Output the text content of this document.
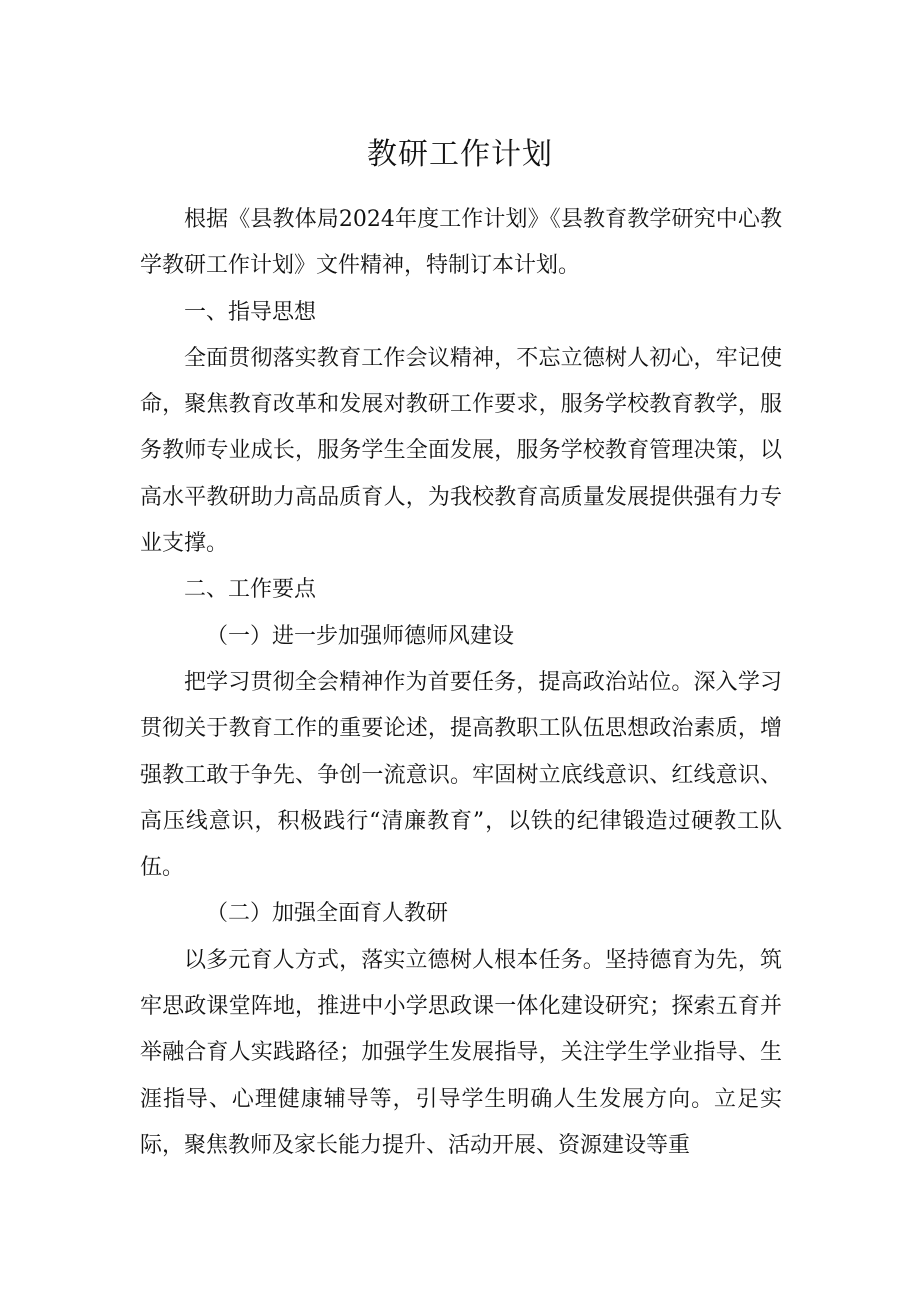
教研工作计划

根据《县教体局2024年度工作计划》《县教育教学研究中心教学教研工作计划》文件精神，特制订本计划。

一、指导思想

全面贯彻落实教育工作会议精神，不忘立德树人初心，牢记使命，聚焦教育改革和发展对教研工作要求，服务学校教育教学，服务教师专业成长，服务学生全面发展，服务学校教育管理决策，以高水平教研助力高品质育人，为我校教育高质量发展提供强有力专业支撑。

二、工作要点

（一）进一步加强师德师风建设

把学习贯彻全会精神作为首要任务，提高政治站位。深入学习贯彻关于教育工作的重要论述，提高教职工队伍思想政治素质，增强教工敢于争先、争创一流意识。牢固树立底线意识、红线意识、高压线意识，积极践行“清廉教育”，以铁的纪律锻造过硬教工队伍。

（二）加强全面育人教研

以多元育人方式，落实立德树人根本任务。坚持德育为先，筑牢思政课堂阵地，推进中小学思政课一体化建设研究；探索五育并举融合育人实践路径；加强学生发展指导，关注学生学业指导、生涯指导、心理健康辅导等，引导学生明确人生发展方向。立足实际，聚焦教师及家长能力提升、活动开展、资源建设等重
